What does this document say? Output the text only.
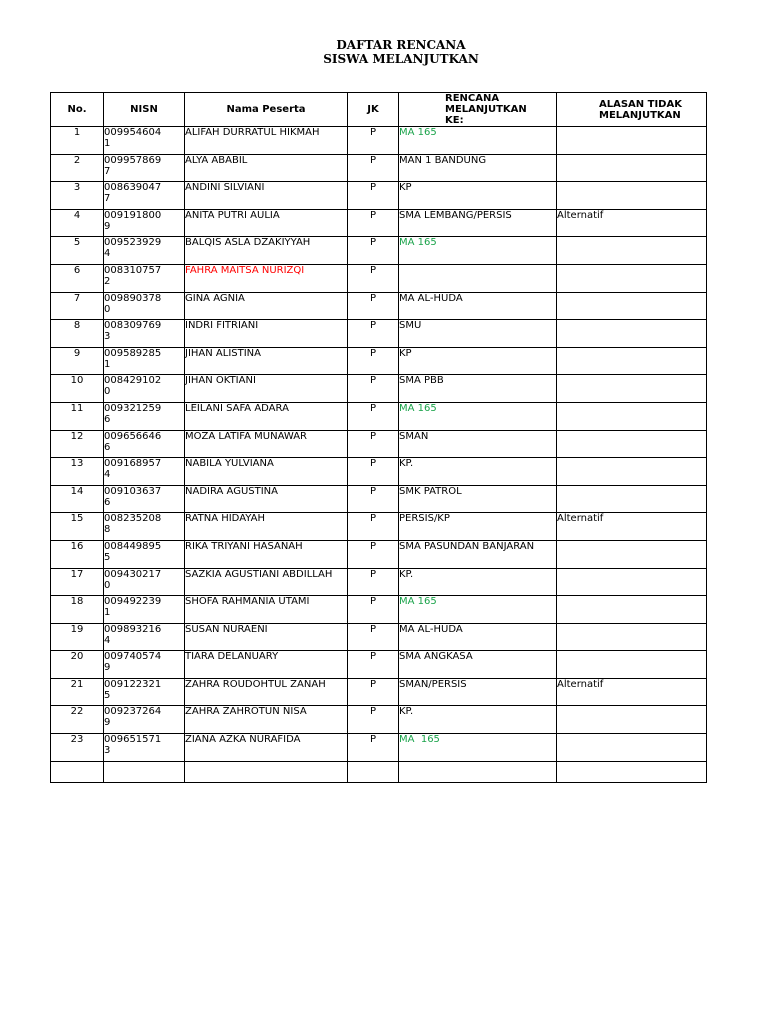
DAFTAR RENCANA
SISWA MELANJUTKAN
No.	NISN	Nama Peserta	JK	RENCANA MELANJUTKAN KE:	ALASAN TIDAK MELANJUTKAN

1	0099546041	ALIFAH DURRATUL HIKMAH	P	MA 165	
2	0099578697	ALYA ABABIL	P	MAN 1 BANDUNG	
3	0086390477	ANDINI SILVIANI	P	KP	
4	0091918009	ANITA PUTRI AULIA	P	SMA LEMBANG/PERSIS	Alternatif
5	0095239294	BALQIS ASLA DZAKIYYAH	P	MA 165	
6	0083107572	FAHRA MAITSA NURIZQI	P		
7	0098903780	GINA AGNIA	P	MA AL-HUDA	
8	0083097693	INDRI FITRIANI	P	SMU	
9	0095892851	JIHAN ALISTINA	P	KP	
10	0084291020	JIHAN OKTIANI	P	SMA PBB	
11	0093212596	LEILANI SAFA ADARA	P	MA 165	
12	0096566466	MOZA LATIFA MUNAWAR	P	SMAN	
13	0091689574	NABILA YULVIANA	P	KP.	
14	0091036376	NADIRA AGUSTINA	P	SMK PATROL	
15	0082352088	RATNA HIDAYAH	P	PERSIS/KP	Alternatif
16	0084498955	RIKA TRIYANI HASANAH	P	SMA PASUNDAN BANJARAN	
17	0094302170	SAZKIA AGUSTIANI ABDILLAH	P	KP.	
18	0094922391	SHOFA RAHMANIA UTAMI	P	MA 165	
19	0098932164	SUSAN NURAENI	P	MA AL-HUDA	
20	0097405749	TIARA DELANUARY	P	SMA ANGKASA	
21	0091223215	ZAHRA ROUDOHTUL ZANAH	P	SMAN/PERSIS	Alternatif
22	0092372649	ZAHRA ZAHROTUN NISA	P	KP.	
23	0096515713	ZIANA AZKA NURAFIDA	P	MA  165	
